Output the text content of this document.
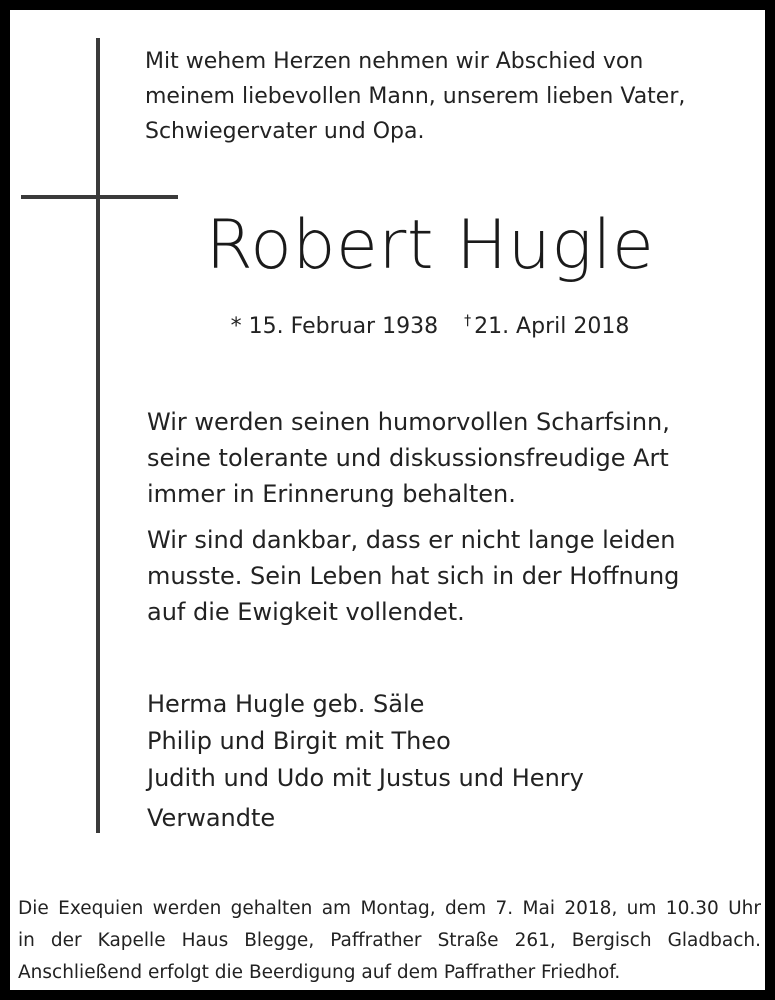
Mit wehem Herzen nehmen wir Abschied von
meinem liebevollen Mann, unserem lieben Vater,
Schwiegervater und Opa.
Robert Hugle
* 15. Februar 1938 † 21. April 2018

Wir werden seinen humorvollen Scharfsinn,
seine tolerante und diskussionsfreudige Art
immer in Erinnerung behalten.

Wir sind dankbar, dass er nicht lange leiden
musste. Sein Leben hat sich in der Hoffnung
auf die Ewigkeit vollendet.

Herma Hugle geb. Säle
Philip und Birgit mit Theo
Judith und Udo mit Justus und Henry
Verwandte
Die Exequien werden gehalten am Montag, dem 7. Mai 2018, um 10.30 Uhr
in der Kapelle Haus Blegge, Paffrather Straße 261, Bergisch Gladbach.
Anschließend erfolgt die Beerdigung auf dem Paffrather Friedhof.
